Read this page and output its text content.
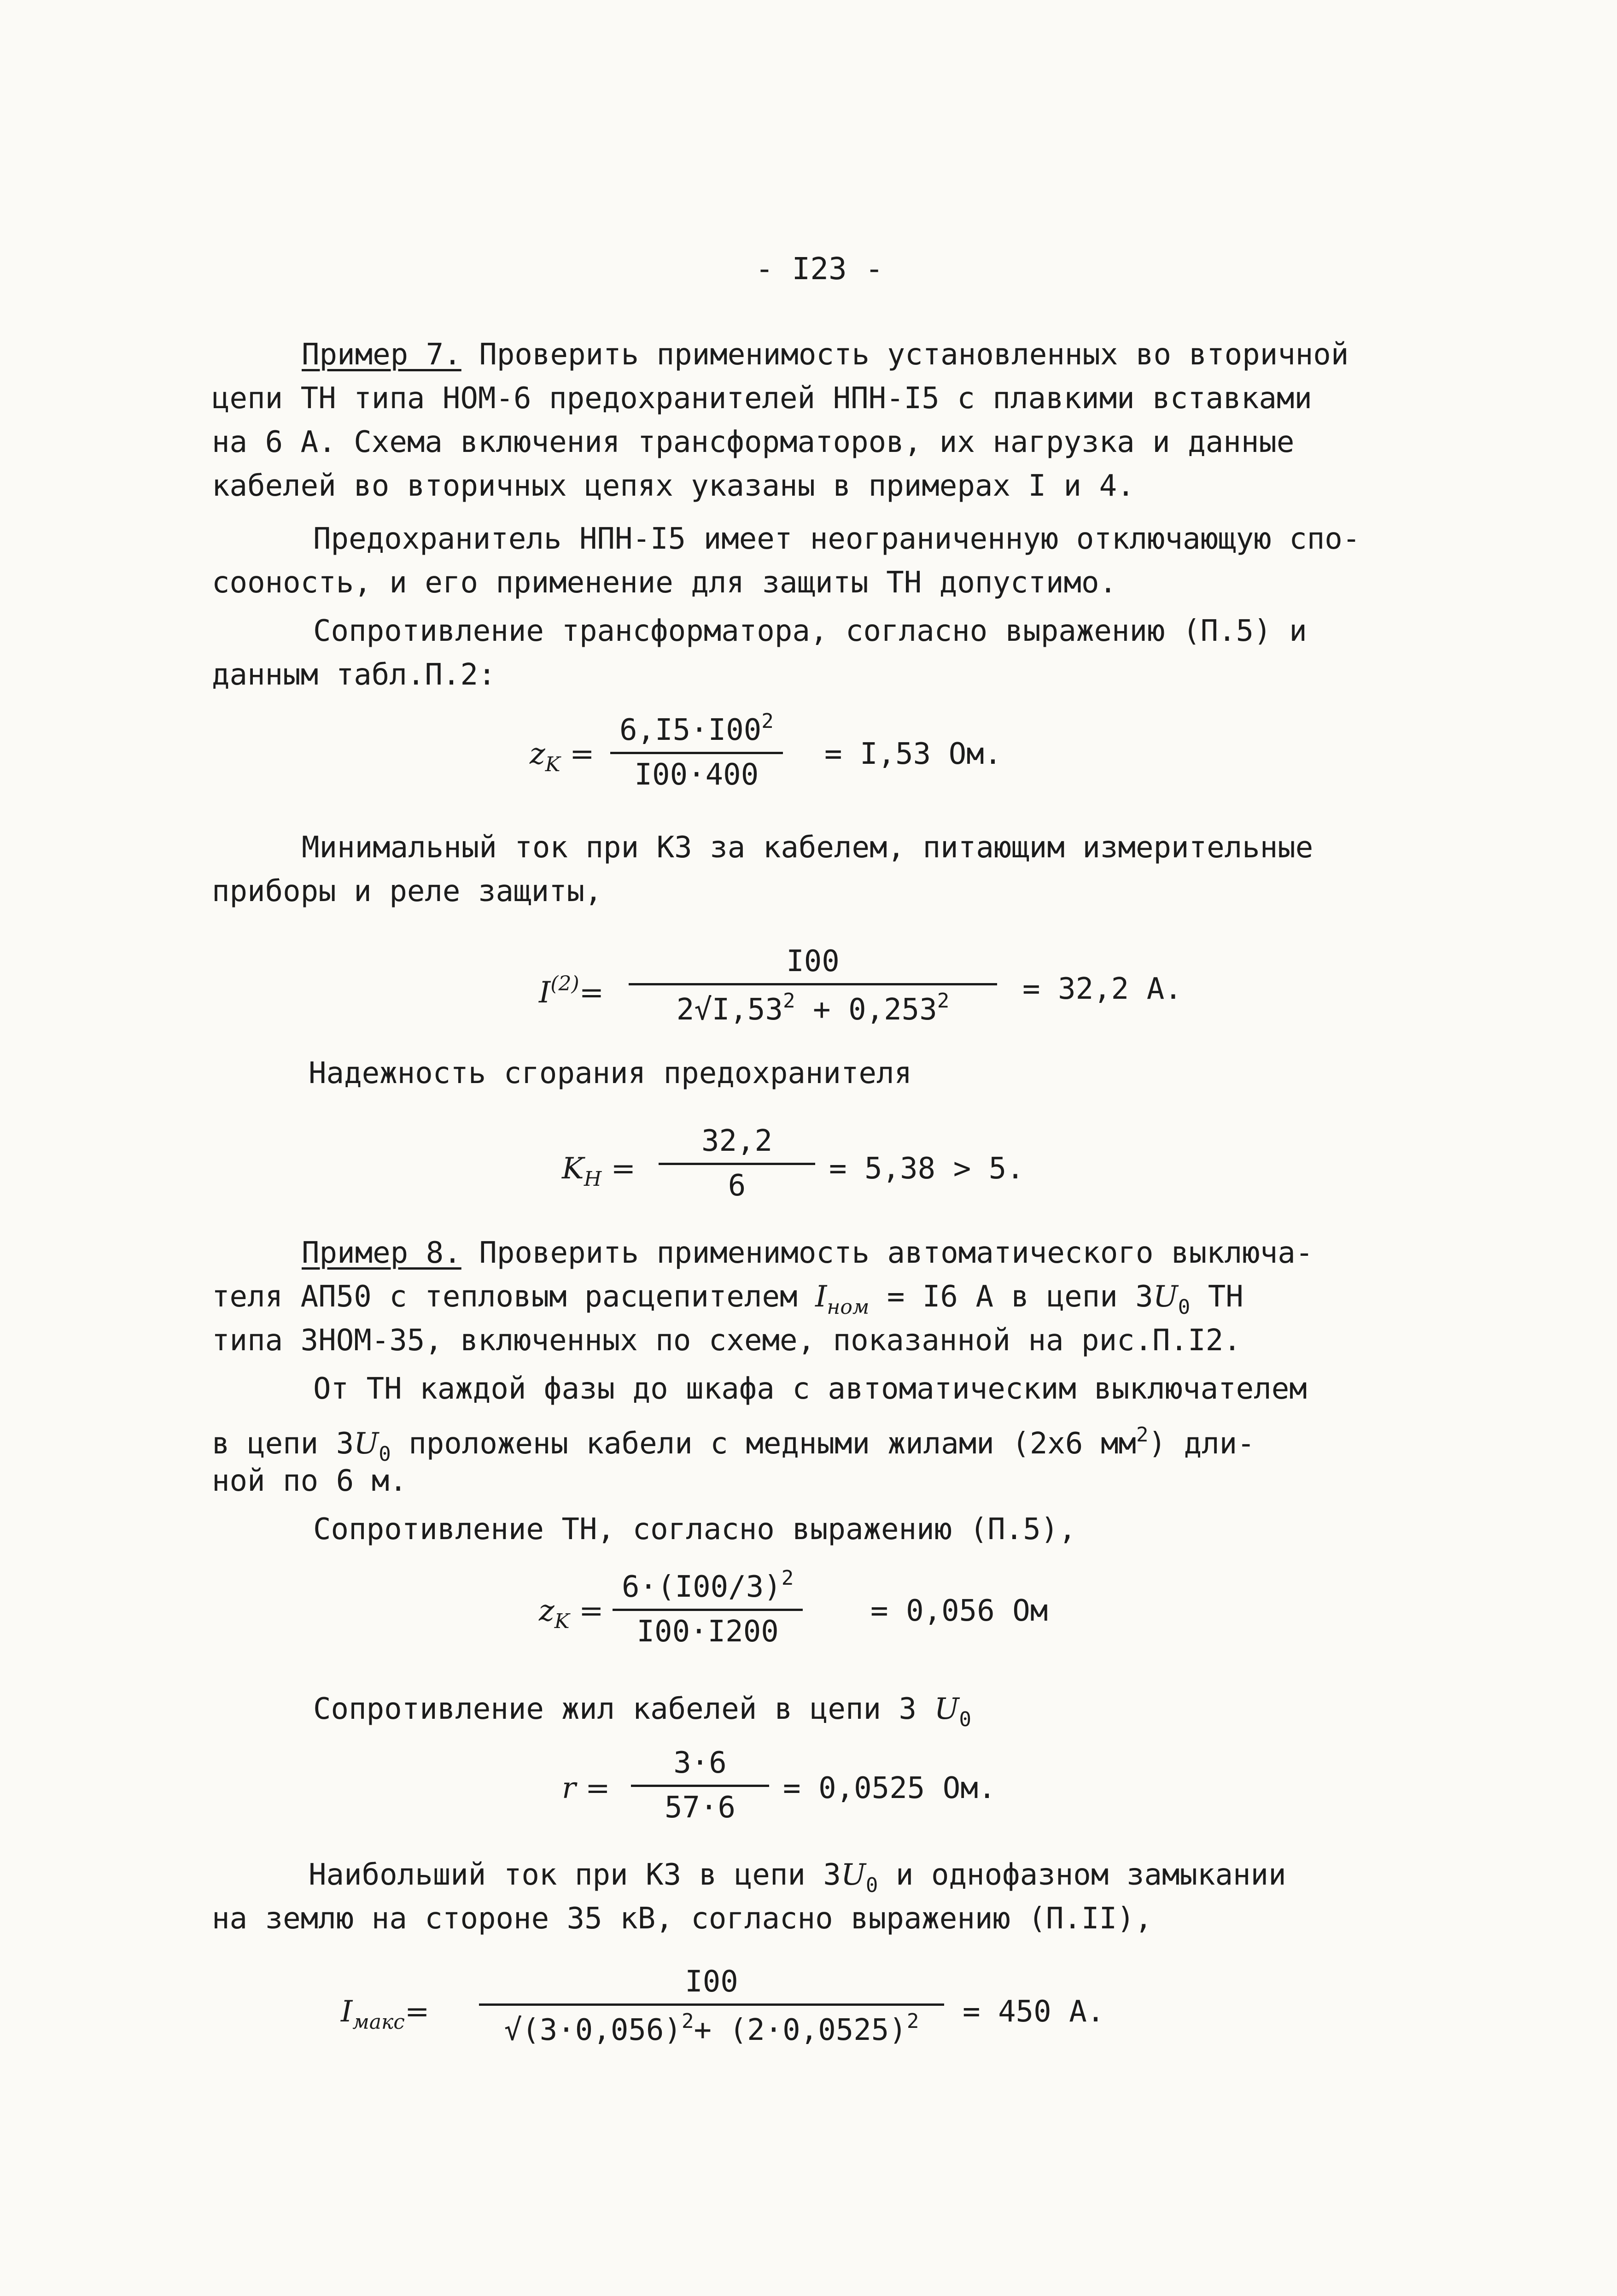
- I23 -
Пример 7. Проверить применимость установленных во вторичной
цепи ТН типа НОМ-6 предохранителей НПН-I5 с плавкими вставками
на 6 А. Схема включения трансформаторов, их нагрузка и данные
кабелей во вторичных цепях указаны в примерах I и 4.
Предохранитель НПН-I5 имеет неограниченную отключающую спо-
сооность, и его применение для защиты ТН допустимо.
Сопротивление трансформатора, согласно выражению (П.5) и
данным табл.П.2:
$z_K = \frac{6,I5\cdot I00^2}{I00\cdot 400} = I,53$ Ом.
Минимальный ток при КЗ за кабелем, питающим измерительные
приборы и реле защиты,
$I^{(2)}= \frac{I00}{2√I,53^2 + 0,253^2} = 32,2$ А.
Надежность сгорания предохранителя
$K_Н = \frac{32,2}{6} = 5,38 > 5$.
Пример 8. Проверить применимость автоматического выключа-
теля АП50 с тепловым расцепителем $I_{ном} = I6$ А в цепи $3U_0$ ТН
типа ЗНОМ-35, включенных по схеме, показанной на рис.П.I2.
От ТН каждой фазы до шкафа с автоматическим выключателем
в цепи $3U_0$ проложены кабели с медными жилами (2х6 $мм^2$) дли-
ной по 6 м.
Сопротивление ТН, согласно выражению (П.5),
$z_K = \frac{6\cdot(I00/3)^2}{I00\cdot I200} = 0,056$ Ом
Сопротивление жил кабелей в цепи 3 $U_0$
$r = \frac{3\cdot 6}{57\cdot 6} = 0,0525$ Ом.
Наибольший ток при КЗ в цепи $3U_0$ и однофазном замыкании
на землю на стороне 35 кВ, согласно выражению (П.II),
$I_{макс}= \frac{I00}{√(3\cdot 0,056)^2+ (2\cdot 0,0525)^2} = 450$ А.
